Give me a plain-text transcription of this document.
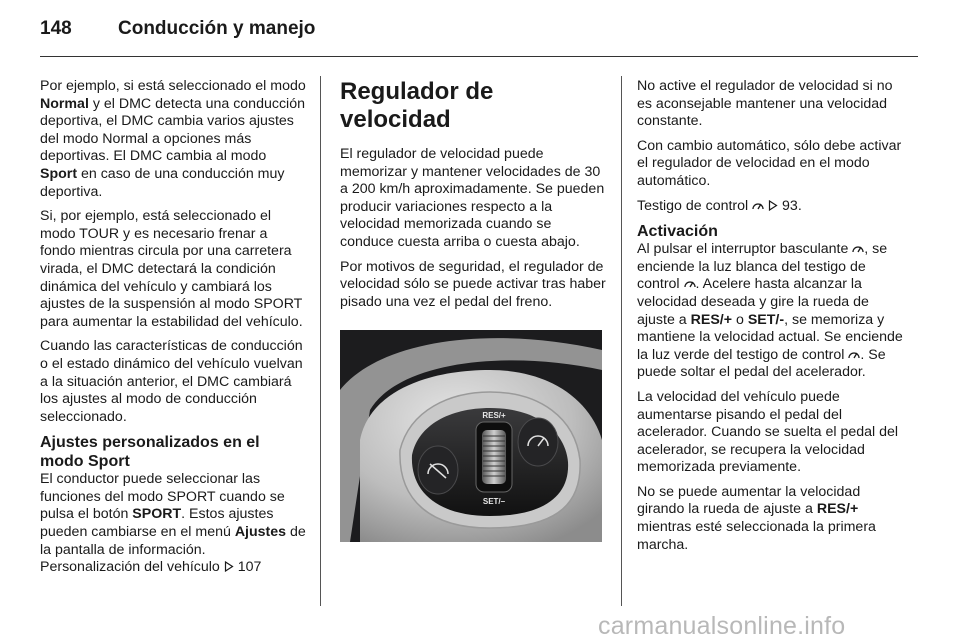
148 Conducción y manejo

Por ejemplo, si está seleccionado el modo Normal y el DMC detecta una conducción deportiva, el DMC cambia varios ajustes del modo Normal a opciones más deportivas. El DMC cambia al modo Sport en caso de una conducción muy deportiva.

Si, por ejemplo, está seleccionado el modo TOUR y es necesario frenar a fondo mientras circula por una carretera virada, el DMC detectará la condición dinámica del vehículo y cambiará los ajustes de la suspensión al modo SPORT para aumentar la estabilidad del vehículo.

Cuando las características de conducción o el estado dinámico del vehículo vuelvan a la situación anterior, el DMC cambiará los ajustes al modo de conducción seleccionado.

Ajustes personalizados en el modo Sport

El conductor puede seleccionar las funciones del modo SPORT cuando se pulsa el botón SPORT. Estos ajustes pueden cambiarse en el menú Ajustes de la pantalla de información. Personalización del vehículo  107

Regulador de velocidad

El regulador de velocidad puede memorizar y mantener velocidades de 30 a 200 km/h aproximadamente. Se pueden producir variaciones respecto a la velocidad memorizada cuando se conduce cuesta arriba o cuesta abajo.

Por motivos de seguridad, el regulador de velocidad sólo se puede activar tras haber pisado una vez el pedal del freno.

RES/+
SET/–

No active el regulador de velocidad si no es aconsejable mantener una velocidad constante.

Con cambio automático, sólo debe activar el regulador de velocidad en el modo automático.

Testigo de control   93.

Activación

Al pulsar el interruptor basculante , se enciende la luz blanca del testigo de control . Acelere hasta alcanzar la velocidad deseada y gire la rueda de ajuste a RES/+ o SET/-, se memoriza y mantiene la velocidad actual. Se enciende la luz verde del testigo de control . Se puede soltar el pedal del acelerador.

La velocidad del vehículo puede aumentarse pisando el pedal del acelerador. Cuando se suelta el pedal del acelerador, se recupera la velocidad memorizada previamente.

No se puede aumentar la velocidad girando la rueda de ajuste a RES/+ mientras esté seleccionada la primera marcha.

carmanualsonline.info
